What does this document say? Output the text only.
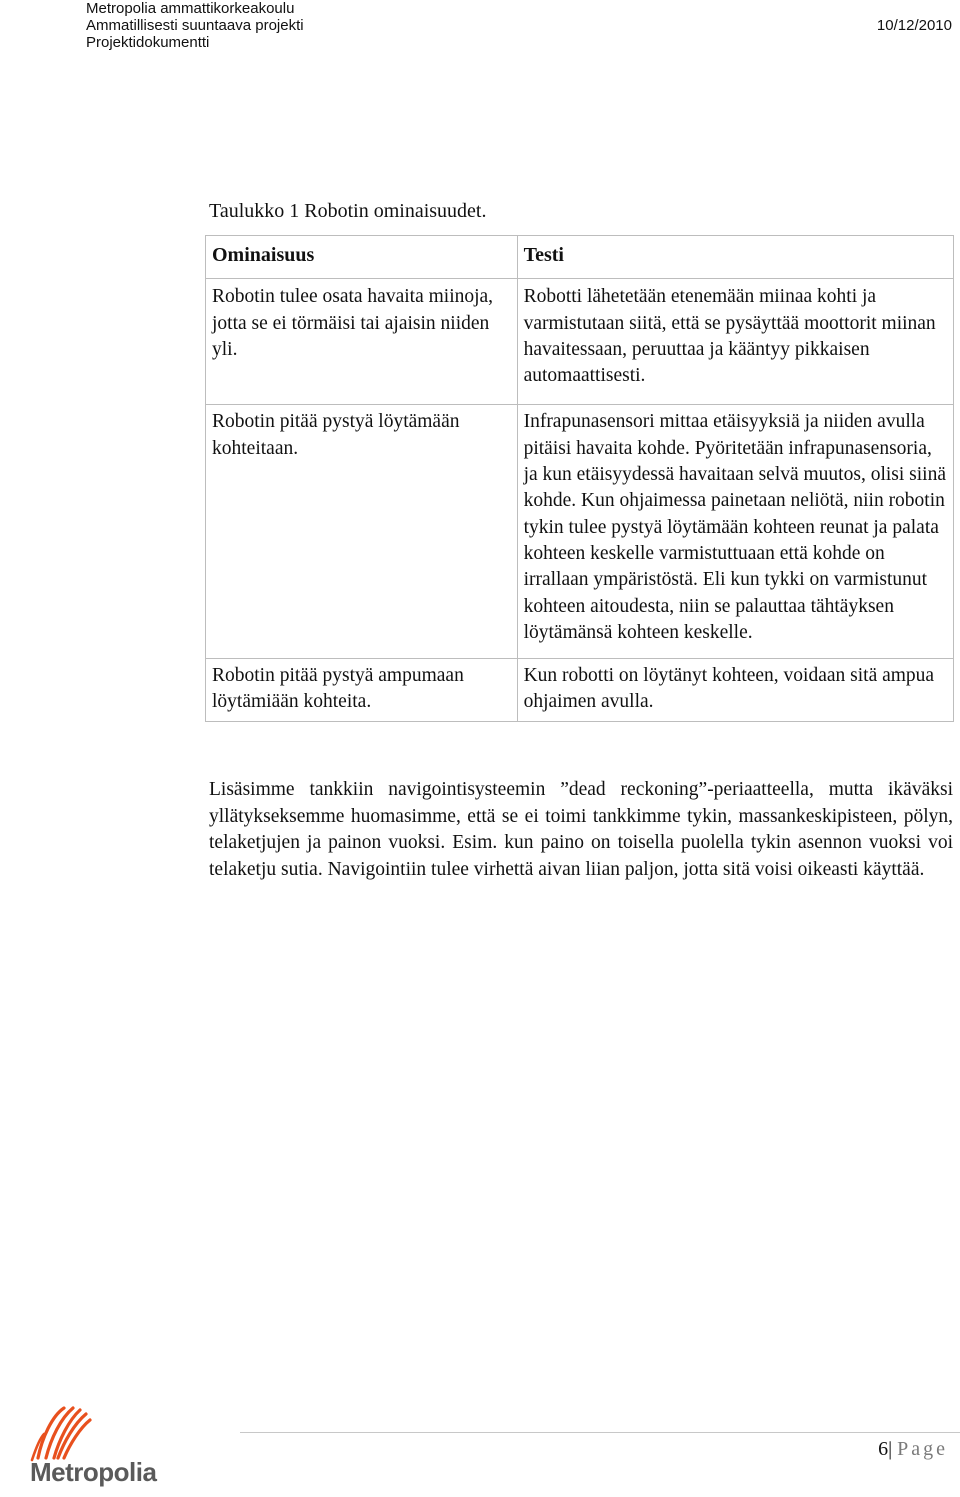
Metropolia ammattikorkeakoulu
Ammatillisesti suuntaava projekti
Projektidokumentti
10/12/2010
Taulukko 1 Robotin ominaisuudet.
Ominaisuus	Testi
Robotin tulee osata havaita miinoja, jotta se ei törmäisi tai ajaisin niiden yli.	Robotti lähetetään etenemään miinaa kohti ja varmistutaan siitä, että se pysäyttää moottorit miinan havaitessaan, peruuttaa ja kääntyy pikkaisen automaattisesti.
Robotin pitää pystyä löytämään kohteitaan.	Infrapunasensori mittaa etäisyyksiä ja niiden avulla pitäisi havaita kohde. Pyöritetään infrapunasensoria, ja kun etäisyydessä havaitaan selvä muutos, olisi siinä kohde. Kun ohjaimessa painetaan neliötä, niin robotin tykin tulee pystyä löytämään kohteen reunat ja palata kohteen keskelle varmistuttuaan että kohde on irrallaan ympäristöstä. Eli kun tykki on varmistunut kohteen aitoudesta, niin se palauttaa tähtäyksen löytämänsä kohteen keskelle.
Robotin pitää pystyä ampumaan löytämiään kohteita.	Kun robotti on löytänyt kohteen, voidaan sitä ampua ohjaimen avulla.

Lisäsimme tankkiin navigointisysteemin ”dead reckoning”-periaatteella, mutta ikäväksi yllätykseksemme huomasimme, että se ei toimi tankkimme tykin, massankeskipisteen, pölyn, telaketjujen ja painon vuoksi. Esim. kun paino on toisella puolella tykin asennon vuoksi voi telaketju sutia. Navigointiin tulee virhettä aivan liian paljon, jotta sitä voisi oikeasti käyttää.

6| Page
Metropolia
